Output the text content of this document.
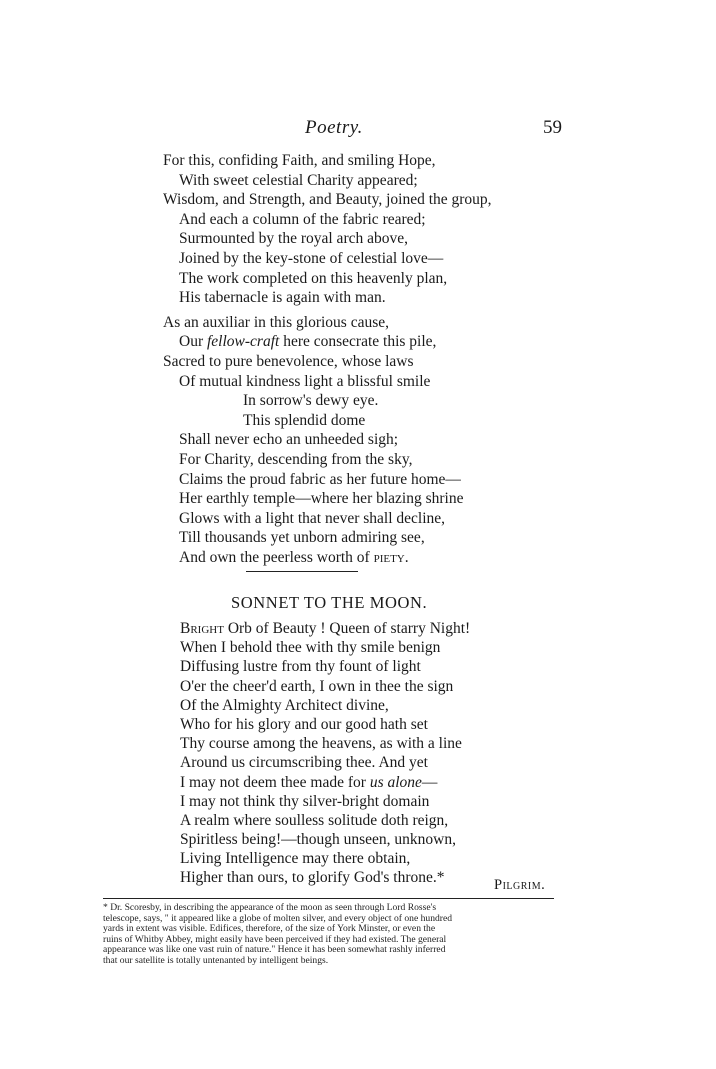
Poetry.	59
For this, confiding Faith, and smiling Hope,
With sweet celestial Charity appeared;
Wisdom, and Strength, and Beauty, joined the group,
And each a column of the fabric reared;
Surmounted by the royal arch above,
Joined by the key-stone of celestial love—
The work completed on this heavenly plan,
His tabernacle is again with man.
As an auxiliar in this glorious cause,
Our fellow-craft here consecrate this pile,
Sacred to pure benevolence, whose laws
Of mutual kindness light a blissful smile
In sorrow's dewy eye.
This splendid dome
Shall never echo an unheeded sigh;
For Charity, descending from the sky,
Claims the proud fabric as her future home—
Her earthly temple—where her blazing shrine
Glows with a light that never shall decline,
Till thousands yet unborn admiring see,
And own the peerless worth of piety.
SONNET TO THE MOON.
Bright Orb of Beauty ! Queen of starry Night!
When I behold thee with thy smile benign
Diffusing lustre from thy fount of light
O'er the cheer'd earth, I own in thee the sign
Of the Almighty Architect divine,
Who for his glory and our good hath set
Thy course among the heavens, as with a line
Around us circumscribing thee. And yet
I may not deem thee made for us alone—
I may not think thy silver-bright domain
A realm where soulless solitude doth reign,
Spiritless being!—though unseen, unknown,
Living Intelligence may there obtain,
Higher than ours, to glorify God's throne.*	Pilgrim.
* Dr. Scoresby, in describing the appearance of the moon as seen through Lord Rosse's
telescope, says, " it appeared like a globe of molten silver, and every object of one hundred
yards in extent was visible. Edifices, therefore, of the size of York Minster, or even the
ruins of Whitby Abbey, might easily have been perceived if they had existed. The general
appearance was like one vast ruin of nature." Hence it has been somewhat rashly inferred
that our satellite is totally untenanted by intelligent beings.
